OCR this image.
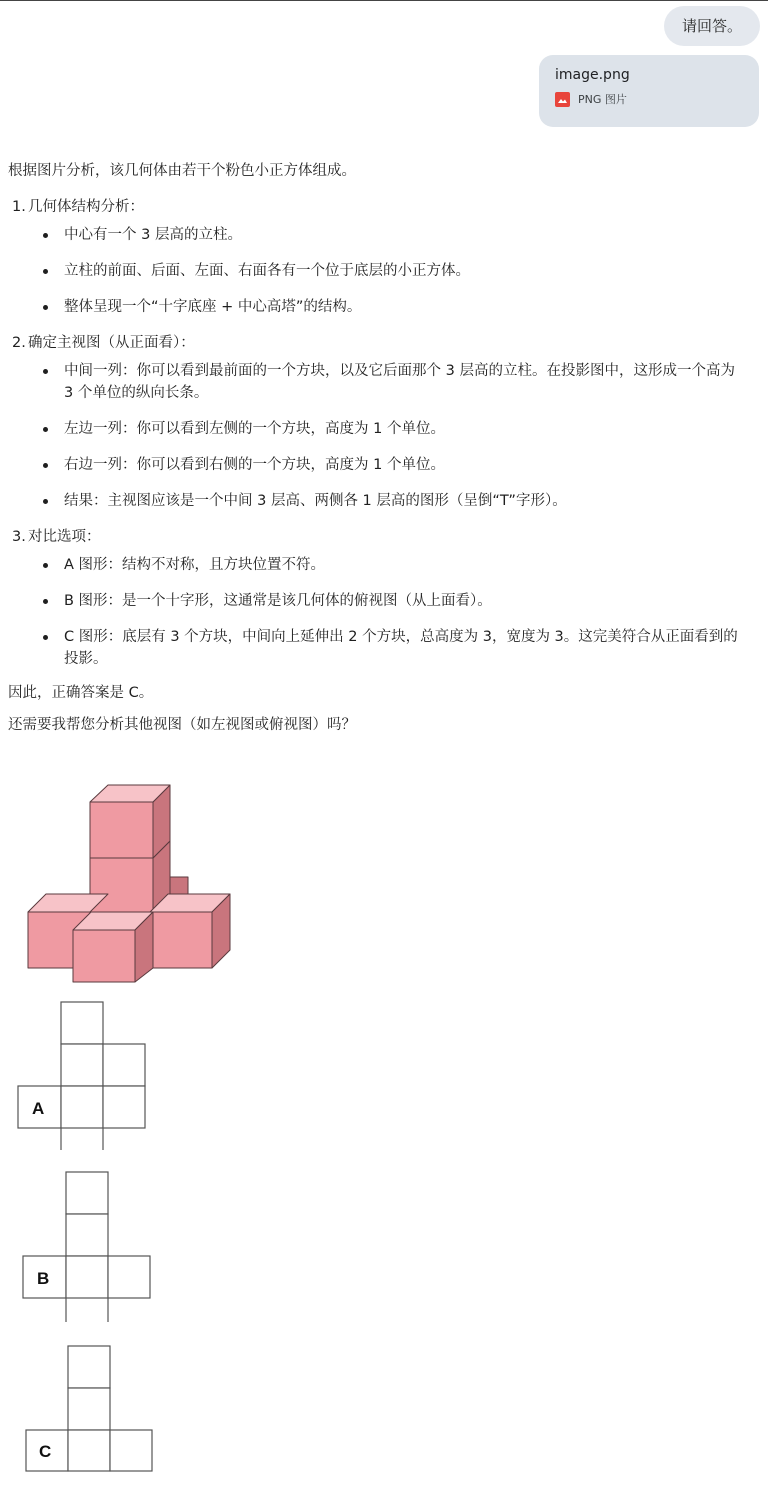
请回答。
image.png
PNG 图片
根据图片分析，该几何体由若干个粉色小正方体组成。
1. 几何体结构分析：
中心有一个 3 层高的立柱。
立柱的前面、后面、左面、右面各有一个位于底层的小正方体。
整体呈现一个“十字底座 + 中心高塔”的结构。
2. 确定主视图（从正面看）：
中间一列：你可以看到最前面的一个方块，以及它后面那个 3 层高的立柱。在投影图中，这形成一个高为 3 个单位的纵向长条。
左边一列：你可以看到左侧的一个方块，高度为 1 个单位。
右边一列：你可以看到右侧的一个方块，高度为 1 个单位。
结果：主视图应该是一个中间 3 层高、两侧各 1 层高的图形（呈倒“T”字形）。
3. 对比选项：
A 图形：结构不对称，且方块位置不符。
B 图形：是一个十字形，这通常是该几何体的俯视图（从上面看）。
C 图形：底层有 3 个方块，中间向上延伸出 2 个方块，总高度为 3，宽度为 3。这完美符合从正面看到的投影。
因此，正确答案是 C。
还需要我帮您分析其他视图（如左视图或俯视图）吗？
A
B
C
